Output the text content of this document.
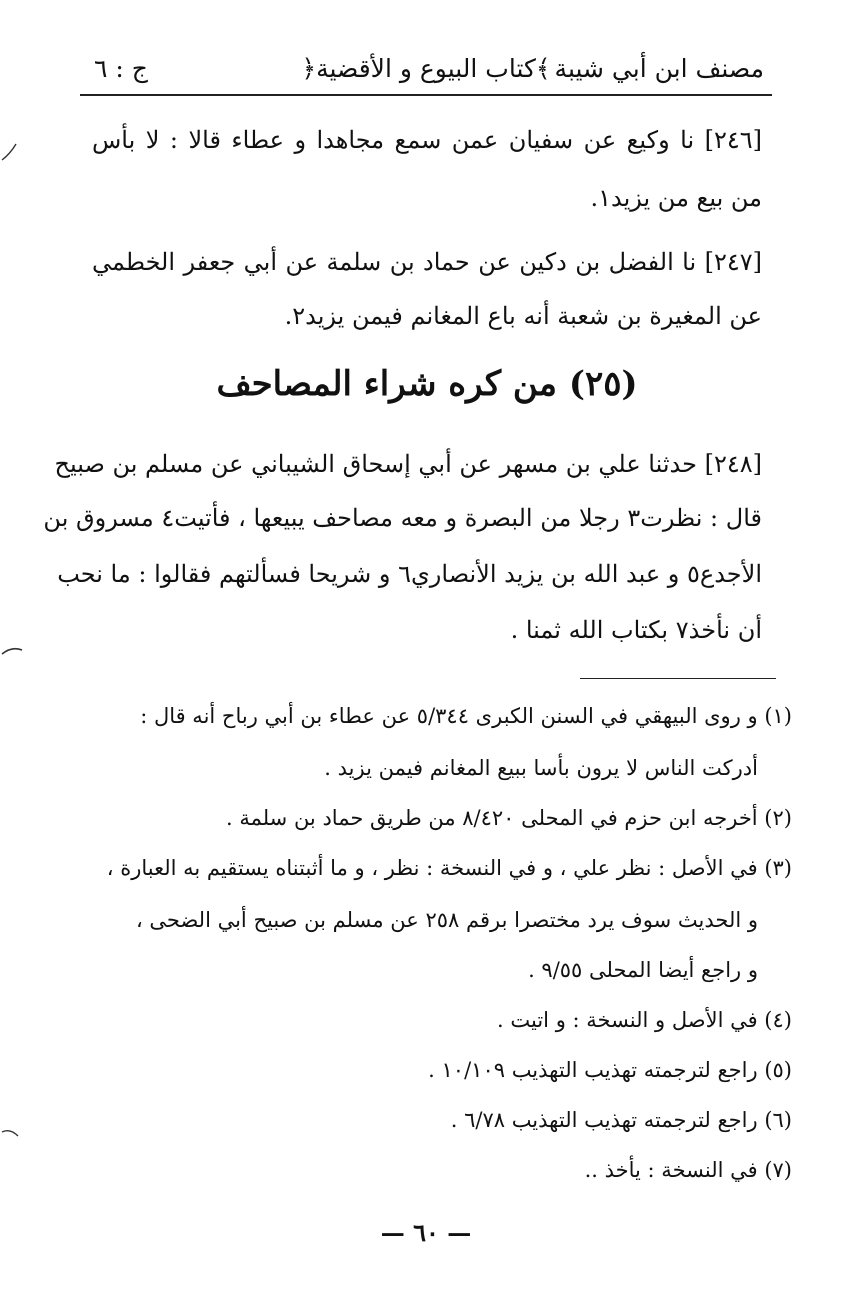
مصنف ابن أبي شيبة
﴿كتاب البيوع و الأقضية﴾
ج : ٦
[٢٤٦] نا وكيع عن سفيان عمن سمع مجاهدا و عطاء قالا : لا بأس
من بيع من يزيد١.
[٢٤٧] نا الفضل بن دكين عن حماد بن سلمة عن أبي جعفر الخطمي
عن المغيرة بن شعبة أنه باع المغانم فيمن يزيد٢.
(٢٥) من كره شراء المصاحف
[٢٤٨] حدثنا علي بن مسهر عن أبي إسحاق الشيباني عن مسلم بن صبيح
قال : نظرت٣ رجلا من البصرة و معه مصاحف يبيعها ، فأتيت٤ مسروق بن
الأجدع٥ و عبد الله بن يزيد الأنصاري٦ و شريحا فسألتهم فقالوا : ما نحب
أن نأخذ٧ بكتاب الله ثمنا .
(١) و روى البيهقي في السنن الكبرى ٥/٣٤٤ عن عطاء بن أبي رباح أنه قال :
أدركت الناس لا يرون بأسا ببيع المغانم فيمن يزيد .
(٢) أخرجه ابن حزم في المحلى ٨/٤٢٠ من طريق حماد بن سلمة .
(٣) في الأصل : نظر علي ، و في النسخة : نظر ، و ما أثبتناه يستقيم به العبارة ،
و الحديث سوف يرد مختصرا برقم ٢٥٨ عن مسلم بن صبيح أبي الضحى ،
و راجع أيضا المحلى ٩/٥٥ .
(٤) في الأصل و النسخة : و اتيت .
(٥) راجع لترجمته تهذيب التهذيب ١٠/١٠٩ .
(٦) راجع لترجمته تهذيب التهذيب ٦/٧٨ .
(٧) في النسخة : يأخذ ..
— ٦٠ —
